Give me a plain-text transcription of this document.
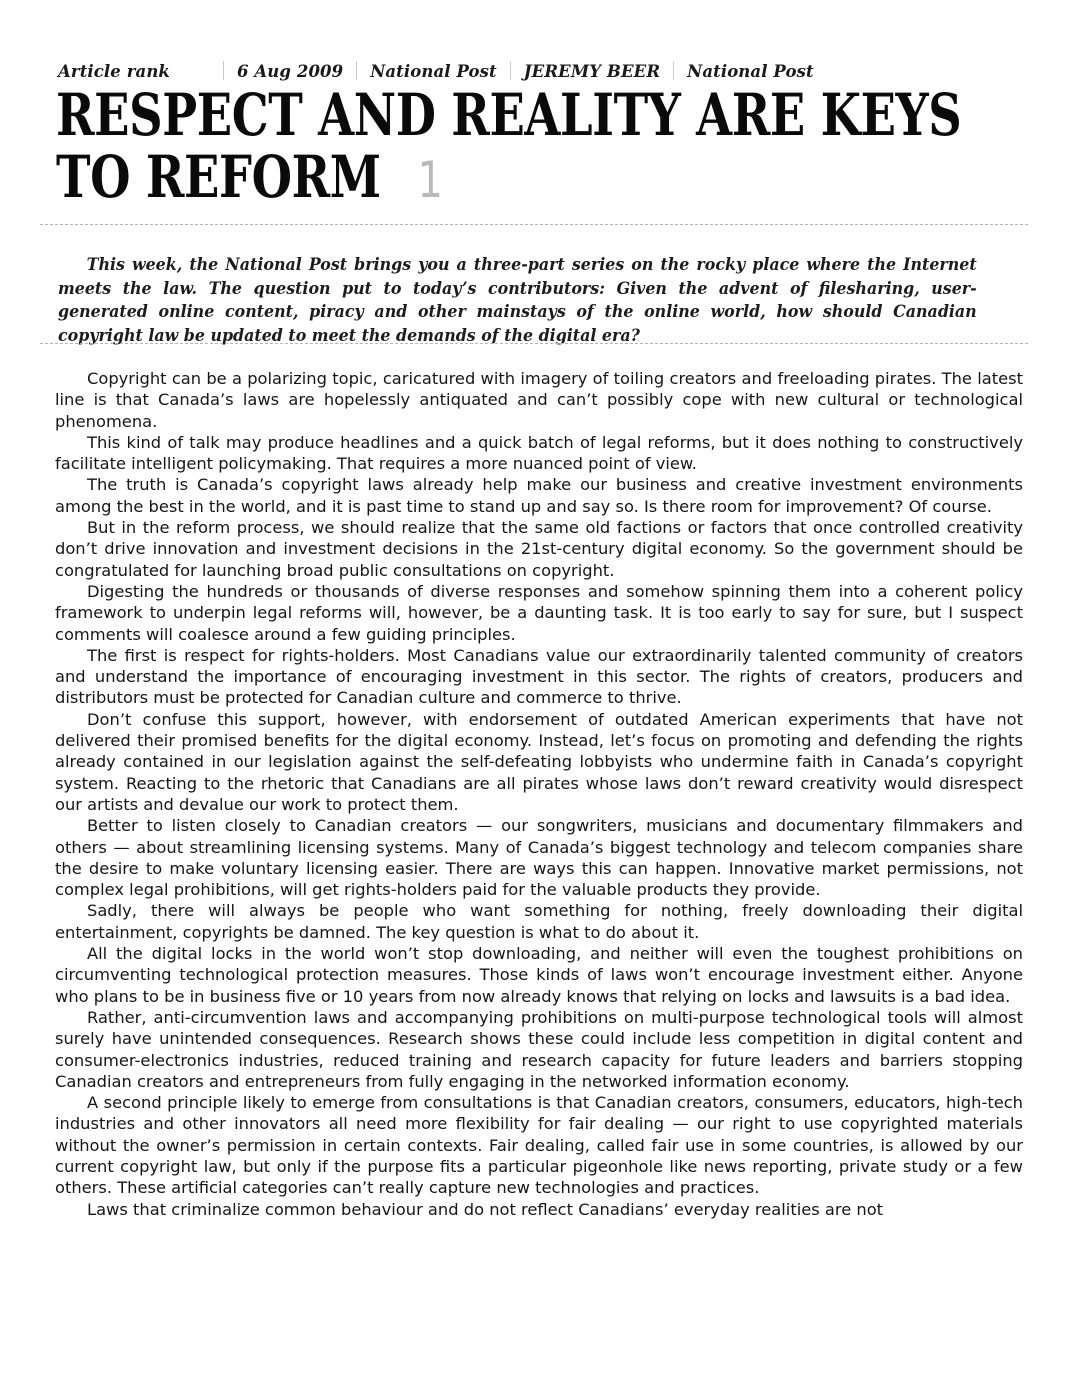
Article rank	6 Aug 2009 National Post JEREMY BEER National Post
RESPECT AND REALITY ARE KEYS
TO REFORM 1
This week, the National Post brings you a three-part series on the rocky place where the Internet meets the law. The question put to today’s contributors: Given the advent of filesharing, user-generated online content, piracy and other mainstays of the online world, how should Canadian copyright law be updated to meet the demands of the digital era?

Copyright can be a polarizing topic, caricatured with imagery of toiling creators and freeloading pirates. The latest line is that Canada’s laws are hopelessly antiquated and can’t possibly cope with new cultural or technological phenomena.

This kind of talk may produce headlines and a quick batch of legal reforms, but it does nothing to constructively facilitate intelligent policymaking. That requires a more nuanced point of view.

The truth is Canada’s copyright laws already help make our business and creative investment environments among the best in the world, and it is past time to stand up and say so. Is there room for improvement? Of course.

But in the reform process, we should realize that the same old factions or factors that once controlled creativity don’t drive innovation and investment decisions in the 21st-century digital economy. So the government should be congratulated for launching broad public consultations on copyright.

Digesting the hundreds or thousands of diverse responses and somehow spinning them into a coherent policy framework to underpin legal reforms will, however, be a daunting task. It is too early to say for sure, but I suspect comments will coalesce around a few guiding principles.

The first is respect for rights-holders. Most Canadians value our extraordinarily talented community of creators and understand the importance of encouraging investment in this sector. The rights of creators, producers and distributors must be protected for Canadian culture and commerce to thrive.

Don’t confuse this support, however, with endorsement of outdated American experiments that have not delivered their promised benefits for the digital economy. Instead, let’s focus on promoting and defending the rights already contained in our legislation against the self-defeating lobbyists who undermine faith in Canada’s copyright system. Reacting to the rhetoric that Canadians are all pirates whose laws don’t reward creativity would disrespect our artists and devalue our work to protect them.

Better to listen closely to Canadian creators — our songwriters, musicians and documentary filmmakers and others — about streamlining licensing systems. Many of Canada’s biggest technology and telecom companies share the desire to make voluntary licensing easier. There are ways this can happen. Innovative market permissions, not complex legal prohibitions, will get rights-holders paid for the valuable products they provide.

Sadly, there will always be people who want something for nothing, freely downloading their digital entertainment, copyrights be damned. The key question is what to do about it.

All the digital locks in the world won’t stop downloading, and neither will even the toughest prohibitions on circumventing technological protection measures. Those kinds of laws won’t encourage investment either. Anyone who plans to be in business five or 10 years from now already knows that relying on locks and lawsuits is a bad idea.

Rather, anti-circumvention laws and accompanying prohibitions on multi-purpose technological tools will almost surely have unintended consequences. Research shows these could include less competition in digital content and consumer-electronics industries, reduced training and research capacity for future leaders and barriers stopping Canadian creators and entrepreneurs from fully engaging in the networked information economy.

A second principle likely to emerge from consultations is that Canadian creators, consumers, educators, high-tech industries and other innovators all need more flexibility for fair dealing — our right to use copyrighted materials without the owner’s permission in certain contexts. Fair dealing, called fair use in some countries, is allowed by our current copyright law, but only if the purpose fits a particular pigeonhole like news reporting, private study or a few others. These artificial categories can’t really capture new technologies and practices.

Laws that criminalize common behaviour and do not reflect Canadians’ everyday realities are not
